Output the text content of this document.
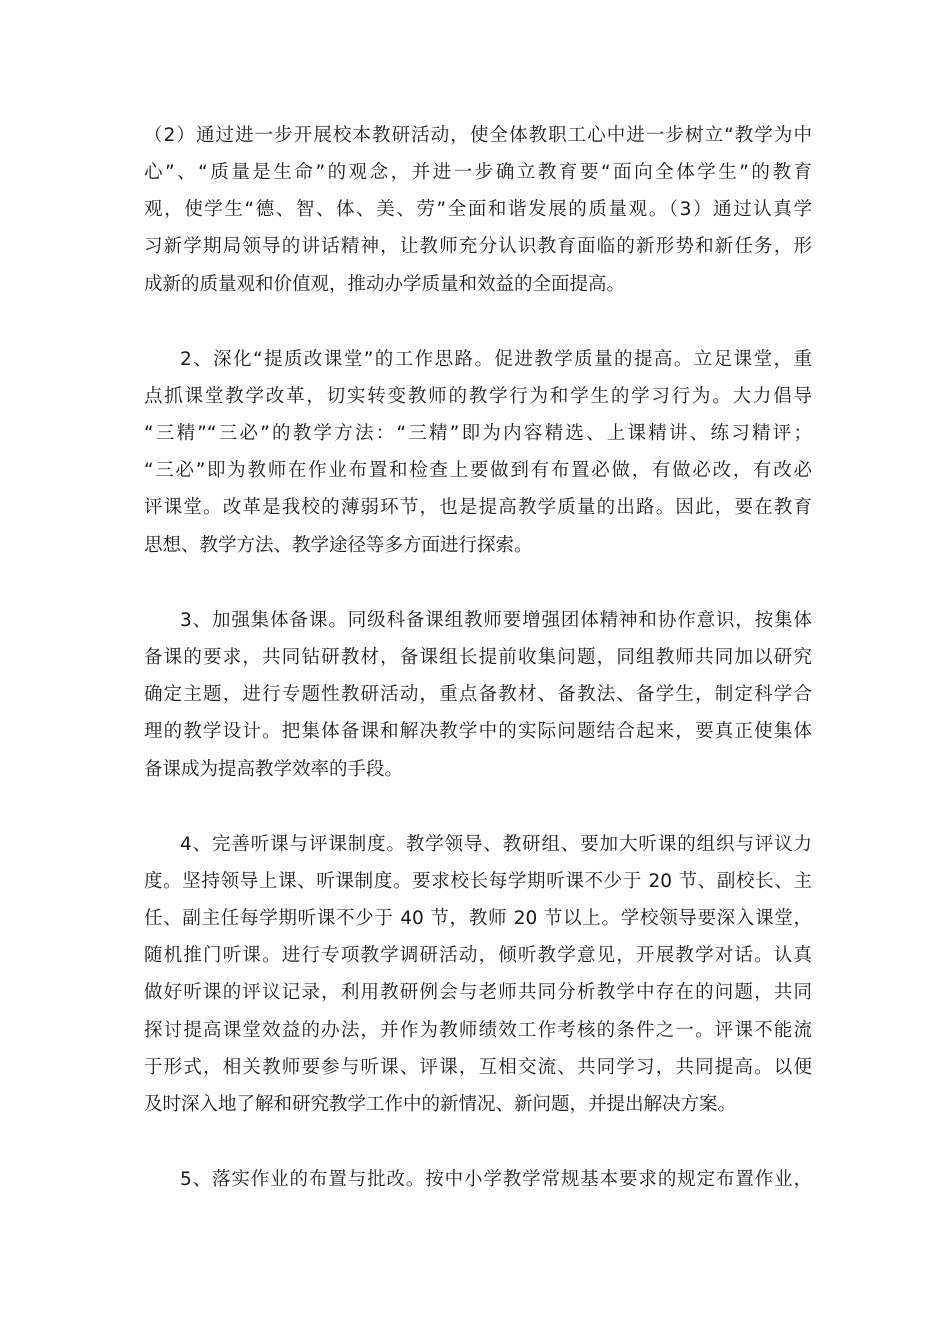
（2）通过进一步开展校本教研活动，使全体教职工心中进一步树立“教学为中
心”、“质量是生命”的观念，并进一步确立教育要“面向全体学生”的教育
观，使学生“德、智、体、美、劳”全面和谐发展的质量观。（3）通过认真学
习新学期局领导的讲话精神，让教师充分认识教育面临的新形势和新任务，形
成新的质量观和价值观，推动办学质量和效益的全面提高。
2、深化“提质改课堂”的工作思路。促进教学质量的提高。立足课堂，重
点抓课堂教学改革，切实转变教师的教学行为和学生的学习行为。大力倡导
“三精”“三必”的教学方法：“三精”即为内容精选、上课精讲、练习精评；
“三必”即为教师在作业布置和检查上要做到有布置必做，有做必改，有改必
评课堂。改革是我校的薄弱环节，也是提高教学质量的出路。因此，要在教育
思想、教学方法、教学途径等多方面进行探索。
3、加强集体备课。同级科备课组教师要增强团体精神和协作意识，按集体
备课的要求，共同钻研教材，备课组长提前收集问题，同组教师共同加以研究
确定主题，进行专题性教研活动，重点备教材、备教法、备学生，制定科学合
理的教学设计。把集体备课和解决教学中的实际问题结合起来，要真正使集体
备课成为提高教学效率的手段。
4、完善听课与评课制度。教学领导、教研组、要加大听课的组织与评议力
度。坚持领导上课、听课制度。要求校长每学期听课不少于 20 节、副校长、主
任、副主任每学期听课不少于 40 节，教师 20 节以上。学校领导要深入课堂，
随机推门听课。进行专项教学调研活动，倾听教学意见，开展教学对话。认真
做好听课的评议记录，利用教研例会与老师共同分析教学中存在的问题，共同
探讨提高课堂效益的办法，并作为教师绩效工作考核的条件之一。评课不能流
于形式，相关教师要参与听课、评课，互相交流、共同学习，共同提高。以便
及时深入地了解和研究教学工作中的新情况、新问题，并提出解决方案。
5、落实作业的布置与批改。按中小学教学常规基本要求的规定布置作业，
